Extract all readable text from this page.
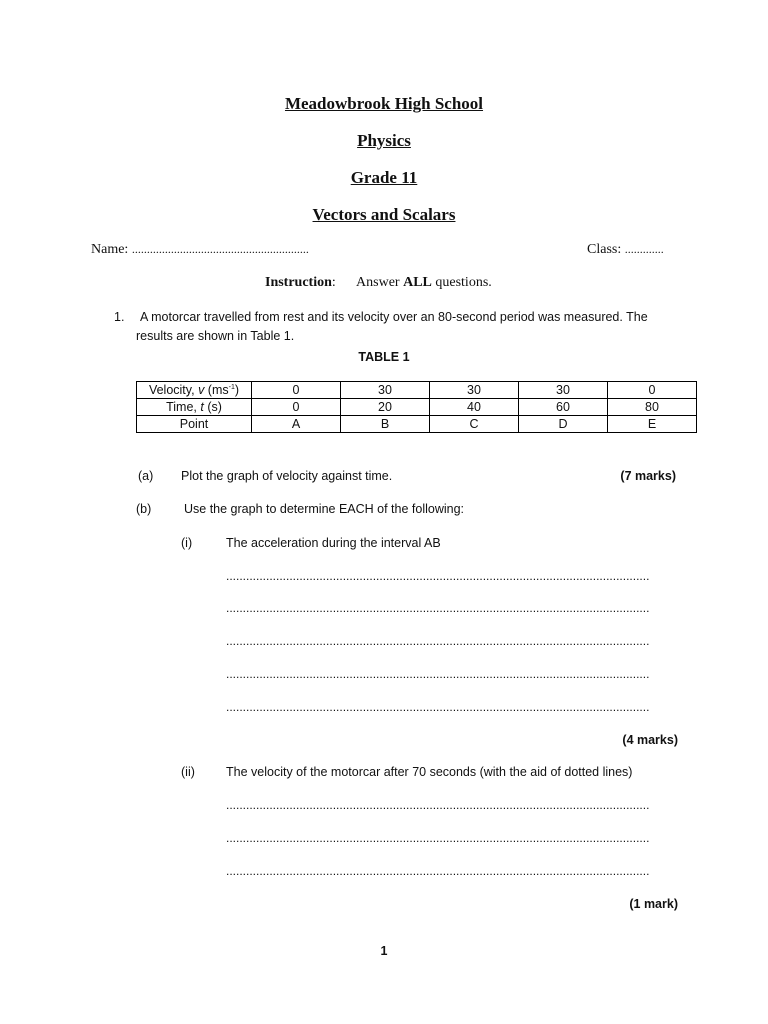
Meadowbrook High School
Physics
Grade 11
Vectors and Scalars
Name: ...........................................................	Class: .............
Instruction: Answer ALL questions.
1. A motorcar travelled from rest and its velocity over an 80-second period was measured. The
results are shown in Table 1.
TABLE 1
Velocity, v $(ms^{-1})$	0	30	30	30	0
Time, t (s)	0	20	40	60	80
Point	A	B	C	D	E
(a) Plot the graph of velocity against time.	(7 marks)
(b)	Use the graph to determine EACH of the following:
(i)	The acceleration during the interval AB
...............................................................................................................................
...............................................................................................................................
...............................................................................................................................
...............................................................................................................................
...............................................................................................................................
(4 marks)
(ii) The velocity of the motorcar after 70 seconds (with the aid of dotted lines)
...............................................................................................................................
...............................................................................................................................
...............................................................................................................................
(1 mark)
1
